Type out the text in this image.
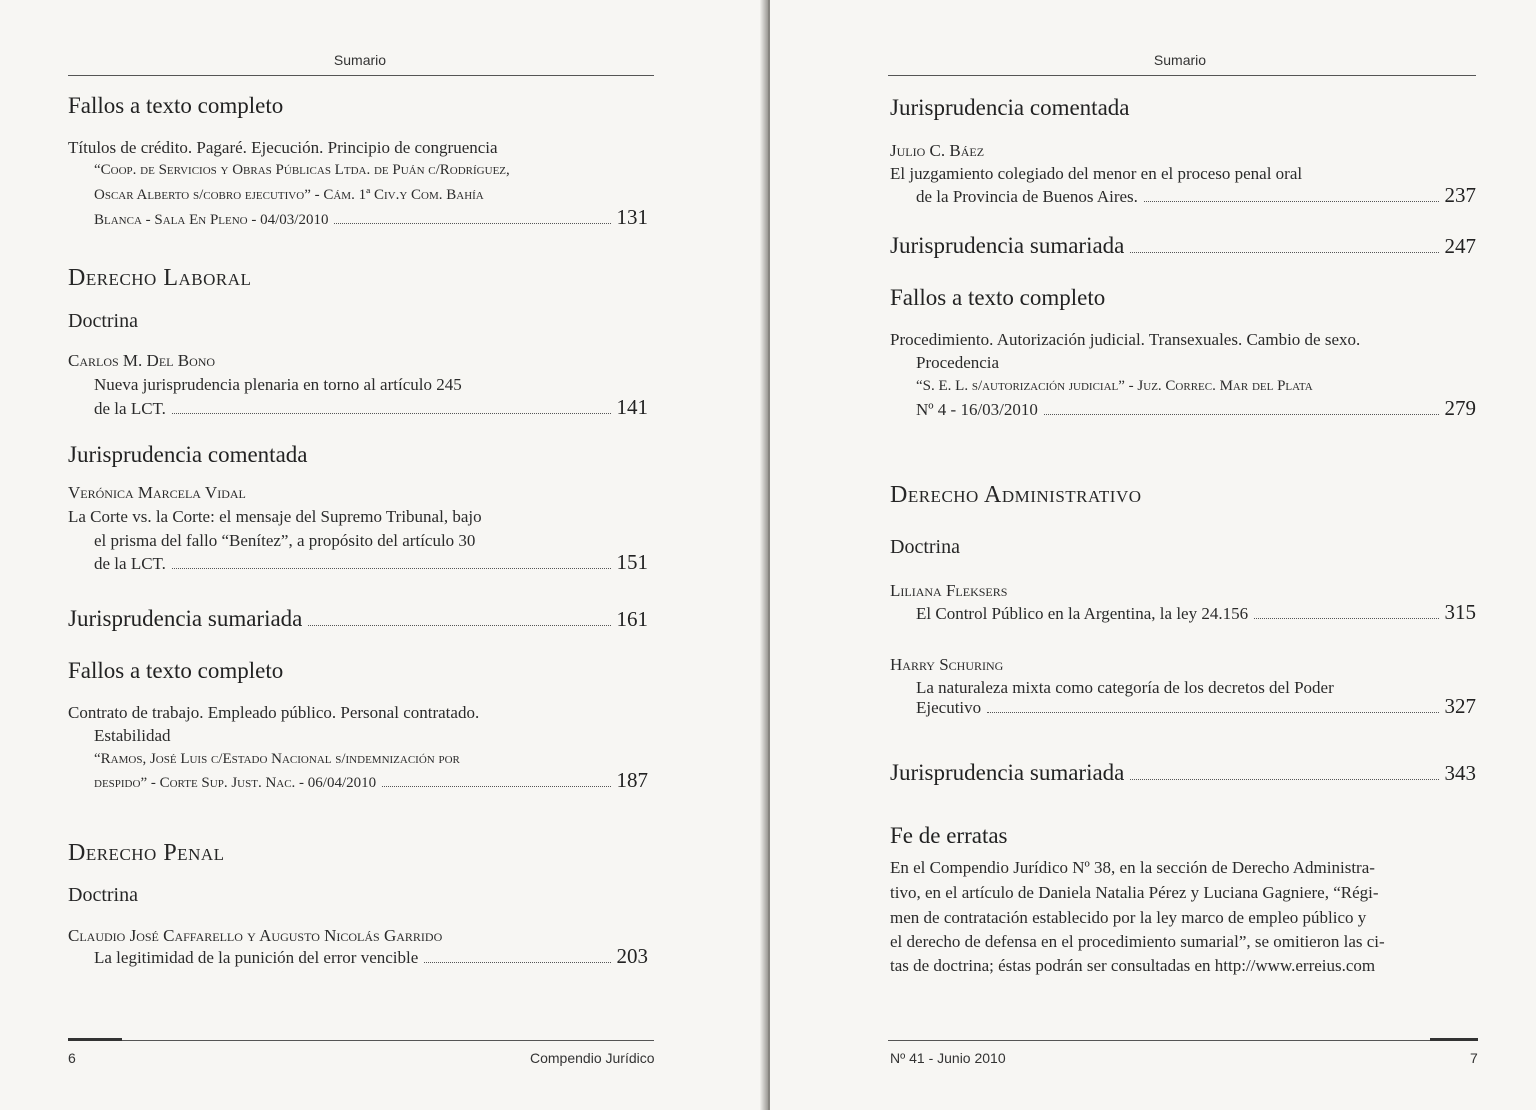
Sumario
Fallos a texto completo
Títulos de crédito. Pagaré. Ejecución. Principio de congruencia
“Coop. de Servicios y Obras Públicas Ltda. de Puán c/Rodríguez,
Oscar Alberto s/cobro ejecutivo” - Cám. 1ª Civ.y Com. Bahía
Blanca - Sala En Pleno - 04/03/2010	131
Derecho Laboral
Doctrina
Carlos M. Del Bono
Nueva jurisprudencia plenaria en torno al artículo 245
de la LCT.	141
Jurisprudencia comentada
Verónica Marcela Vidal
La Corte vs. la Corte: el mensaje del Supremo Tribunal, bajo
el prisma del fallo “Benítez”, a propósito del artículo 30
de la LCT.	151
Jurisprudencia sumariada	161
Fallos a texto completo
Contrato de trabajo. Empleado público. Personal contratado.
Estabilidad
“Ramos, José Luis c/Estado Nacional s/indemnización por
despido” - Corte Sup. Just. Nac. - 06/04/2010	187
Derecho Penal
Doctrina
Claudio José Caffarello y Augusto Nicolás Garrido
La legitimidad de la punición del error vencible	203
6	Compendio Jurídico
Sumario
Jurisprudencia comentada
Julio C. Báez
El juzgamiento colegiado del menor en el proceso penal oral
de la Provincia de Buenos Aires.	237
Jurisprudencia sumariada	247
Fallos a texto completo
Procedimiento. Autorización judicial. Transexuales. Cambio de sexo.
Procedencia
“S. E. L. s/autorización judicial” - Juz. Correc. Mar del Plata
Nº 4 - 16/03/2010	279
Derecho Administrativo
Doctrina
Liliana Fleksers
El Control Público en la Argentina, la ley 24.156	315
Harry Schuring
La naturaleza mixta como categoría de los decretos del Poder
Ejecutivo	327
Jurisprudencia sumariada	343
Fe de erratas
En el Compendio Jurídico Nº 38, en la sección de Derecho Administra-
tivo, en el artículo de Daniela Natalia Pérez y Luciana Gagniere, “Régi-
men de contratación establecido por la ley marco de empleo público y
el derecho de defensa en el procedimiento sumarial”, se omitieron las ci-
tas de doctrina; éstas podrán ser consultadas en http://www.erreius.com
Nº 41 - Junio 2010	7
